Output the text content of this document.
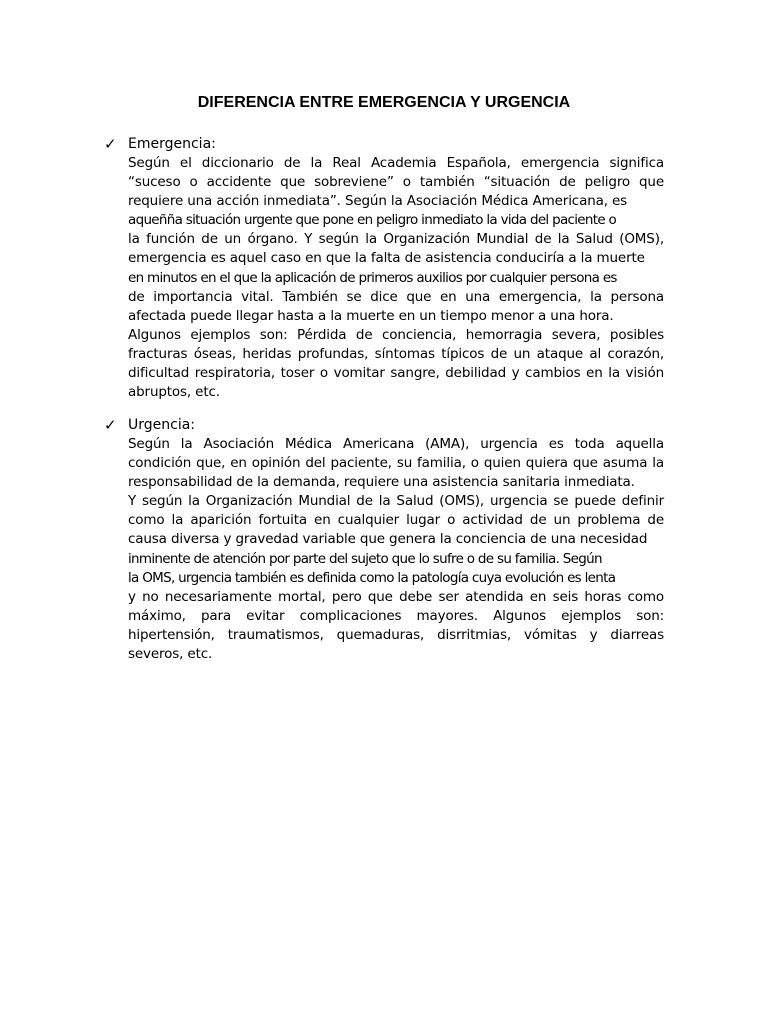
DIFERENCIA ENTRE EMERGENCIA Y URGENCIA
✓ Emergencia:

Según el diccionario de la Real Academia Española, emergencia significa “suceso o accidente que sobreviene” o también “situación de peligro que requiere una acción inmediata”. Según la Asociación Médica Americana, es

aqueñña situación urgente que pone en peligro inmediato la vida del paciente o

la función de un órgano. Y según la Organización Mundial de la Salud (OMS), emergencia es aquel caso en que la falta de asistencia conduciría a la muerte

en minutos en el que la aplicación de primeros auxilios por cualquier persona es

de importancia vital. También se dice que en una emergencia, la persona afectada puede llegar hasta a la muerte en un tiempo menor a una hora.

Algunos ejemplos son: Pérdida de conciencia, hemorragia severa, posibles fracturas óseas, heridas profundas, síntomas típicos de un ataque al corazón, dificultad respiratoria, toser o vomitar sangre, debilidad y cambios en la visión abruptos, etc.

✓ Urgencia:

Según la Asociación Médica Americana (AMA), urgencia es toda aquella condición que, en opinión del paciente, su familia, o quien quiera que asuma la responsabilidad de la demanda, requiere una asistencia sanitaria inmediata.

Y según la Organización Mundial de la Salud (OMS), urgencia se puede definir como la aparición fortuita en cualquier lugar o actividad de un problema de causa diversa y gravedad variable que genera la conciencia de una necesidad

inminente de atención por parte del sujeto que lo sufre o de su familia. Según

la OMS, urgencia también es definida como la patología cuya evolución es lenta

y no necesariamente mortal, pero que debe ser atendida en seis horas como máximo, para evitar complicaciones mayores. Algunos ejemplos son: hipertensión, traumatismos, quemaduras, disrritmias, vómitas y diarreas severos, etc.
